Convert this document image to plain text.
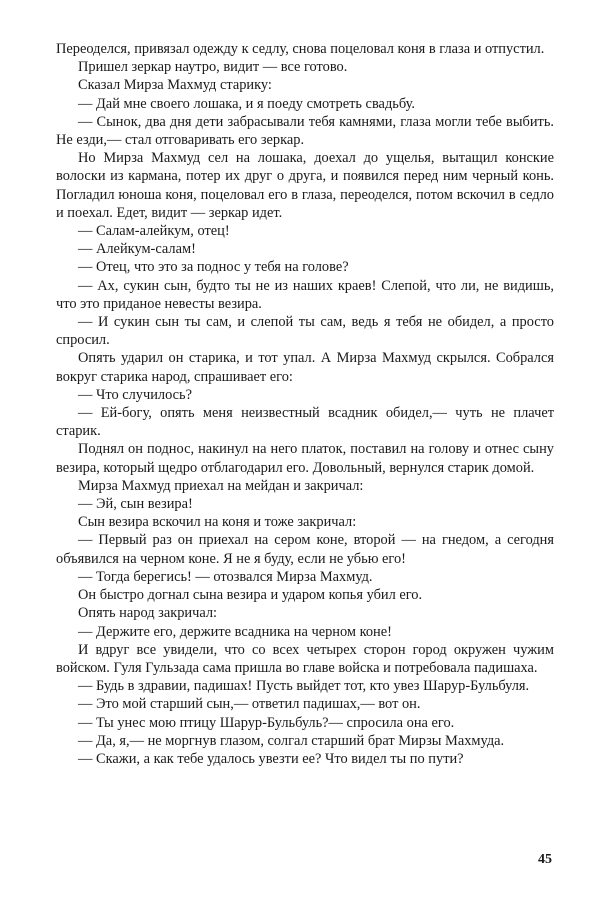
Переоделся, привязал одежду к седлу, снова поцеловал коня в глаза и отпустил.

Пришел зеркар наутро, видит — все готово.

Сказал Мирза Махмуд старику:

— Дай мне своего лошака, и я поеду смотреть свадьбу.

— Сынок, два дня дети забрасывали тебя камнями, глаза могли тебе выбить. Не езди,— стал отговаривать его зеркар.

Но Мирза Махмуд сел на лошака, доехал до ущелья, вытащил конские волоски из кармана, потер их друг о друга, и появился перед ним черный конь. Погладил юноша коня, поцеловал его в глаза, переоделся, потом вскочил в седло и поехал. Едет, видит — зеркар идет.

— Салам-алейкум, отец!

— Алейкум-салам!

— Отец, что это за поднос у тебя на голове?

— Ах, сукин сын, будто ты не из наших краев! Слепой, что ли, не видишь, что это приданое невесты везира.

— И сукин сын ты сам, и слепой ты сам, ведь я тебя не обидел, а просто спросил.

Опять ударил он старика, и тот упал. А Мирза Махмуд скрылся. Собрался вокруг старика народ, спрашивает его:

— Что случилось?

— Ей-богу, опять меня неизвестный всадник обидел,— чуть не плачет старик.

Поднял он поднос, накинул на него платок, поставил на голову и отнес сыну везира, который щедро отблагодарил его. Довольный, вернулся старик домой.

Мирза Махмуд приехал на мейдан и закричал:

— Эй, сын везира!

Сын везира вскочил на коня и тоже закричал:

— Первый раз он приехал на сером коне, второй — на гнедом, а сегодня объявился на черном коне. Я не я буду, если не убью его!

— Тогда берегись! — отозвался Мирза Махмуд.

Он быстро догнал сына везира и ударом копья убил его.

Опять народ закричал:

— Держите его, держите всадника на черном коне!

И вдруг все увидели, что со всех четырех сторон город окружен чужим войском. Гуля Гульзада сама пришла во главе войска и потребовала падишаха.

— Будь в здравии, падишах! Пусть выйдет тот, кто увез Шарур-Бульбуля.

— Это мой старший сын,— ответил падишах,— вот он.

— Ты унес мою птицу Шарур-Бульбуль?— спросила она его.

— Да, я,— не моргнув глазом, солгал старший брат Мирзы Махмуда.

— Скажи, а как тебе удалось увезти ее? Что видел ты по пути?

45
